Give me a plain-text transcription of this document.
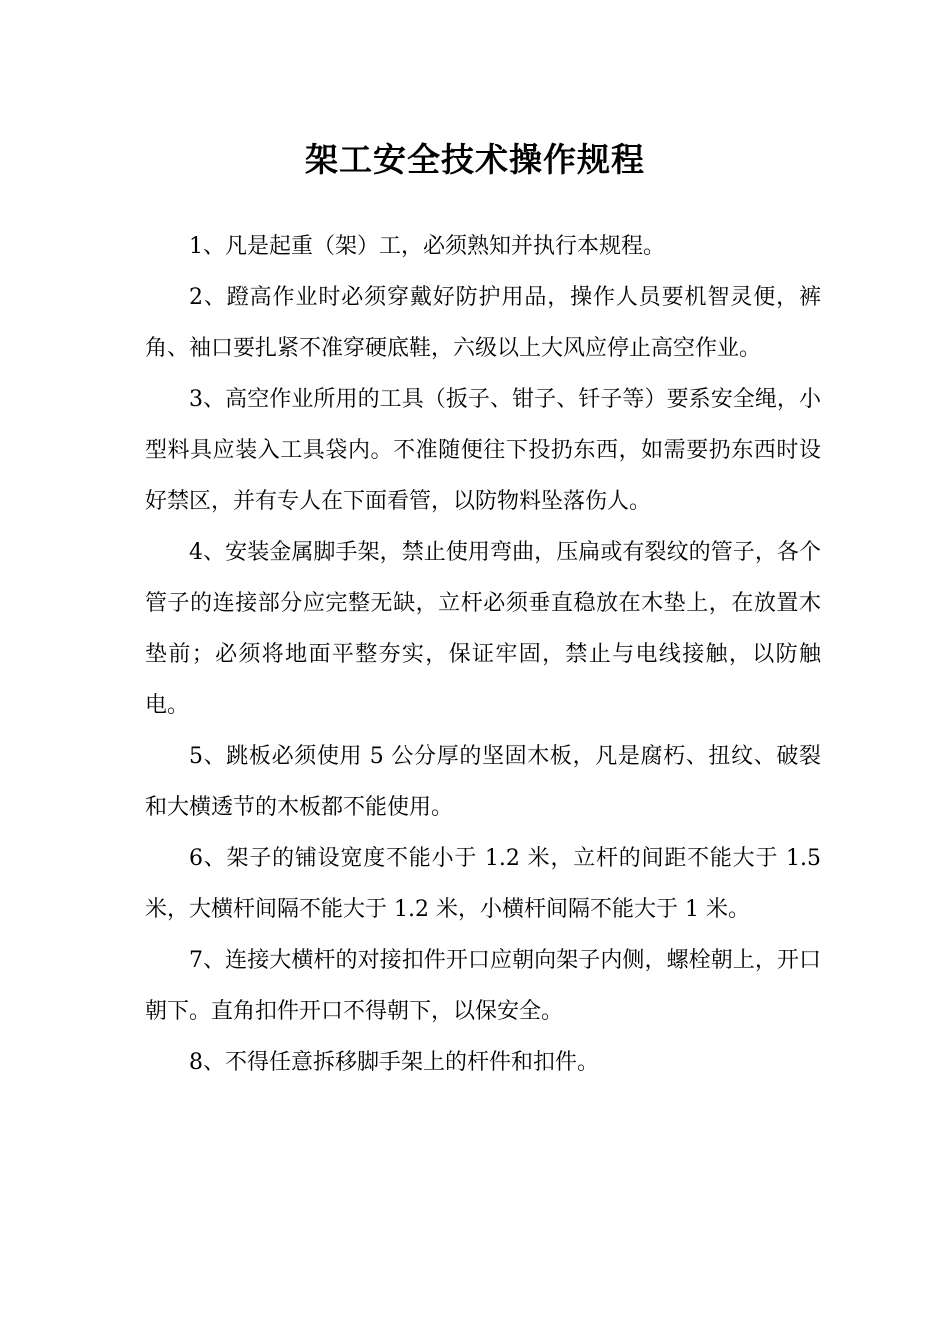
架工安全技术操作规程

1、凡是起重（架）工，必须熟知并执行本规程。

2、蹬高作业时必须穿戴好防护用品，操作人员要机智灵便，裤角、袖口要扎紧不准穿硬底鞋，六级以上大风应停止高空作业。

3、高空作业所用的工具（扳子、钳子、钎子等）要系安全绳，小型料具应装入工具袋内。不准随便往下投扔东西，如需要扔东西时设好禁区，并有专人在下面看管，以防物料坠落伤人。

4、安装金属脚手架，禁止使用弯曲，压扁或有裂纹的管子，各个管子的连接部分应完整无缺，立杆必须垂直稳放在木垫上，在放置木垫前；必须将地面平整夯实，保证牢固，禁止与电线接触，以防触电。

5、跳板必须使用 5 公分厚的坚固木板，凡是腐朽、扭纹、破裂和大横透节的木板都不能使用。

6、架子的铺设宽度不能小于 1.2 米，立杆的间距不能大于 1.5 米，大横杆间隔不能大于 1.2 米，小横杆间隔不能大于 1 米。

7、连接大横杆的对接扣件开口应朝向架子内侧，螺栓朝上，开口朝下。直角扣件开口不得朝下，以保安全。

8、不得任意拆移脚手架上的杆件和扣件。
